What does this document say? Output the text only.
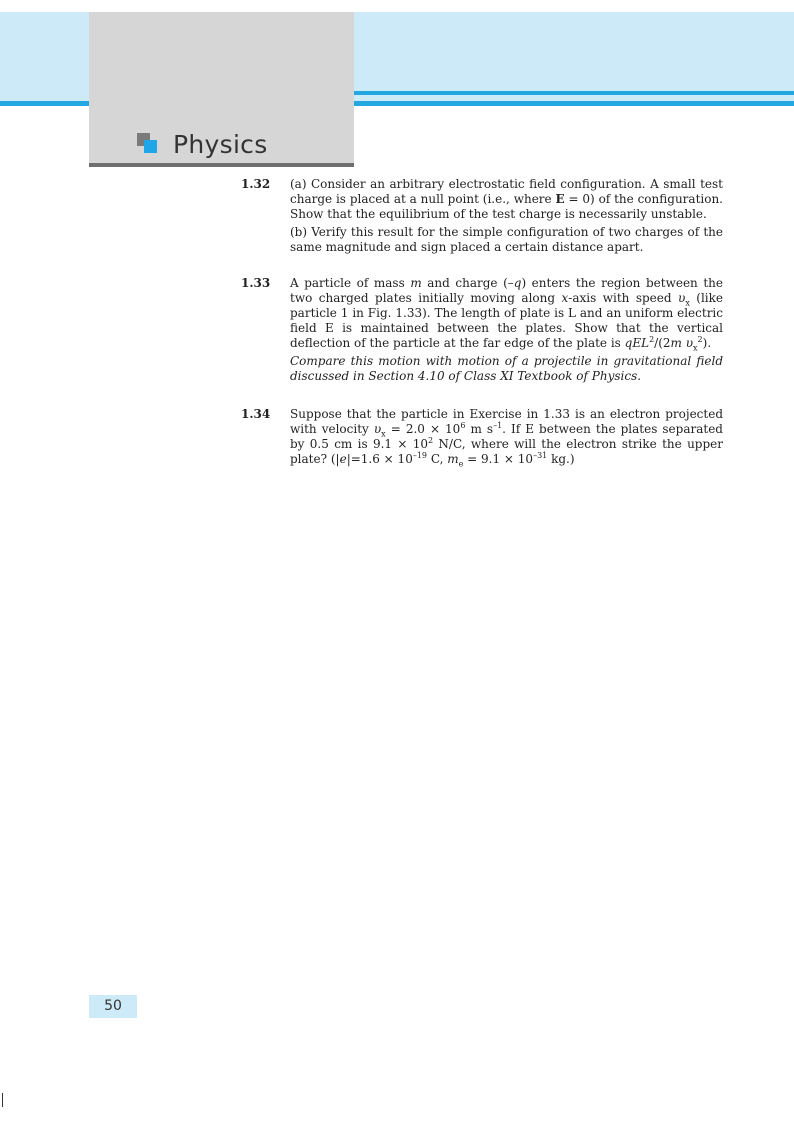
Physics
1.32 (a) Consider an arbitrary electrostatic field configuration. A small test charge is placed at a null point (i.e., where E = 0) of the configuration. Show that the equilibrium of the test charge is necessarily unstable.

(b) Verify this result for the simple configuration of two charges of the same magnitude and sign placed a certain distance apart.

1.33 A particle of mass m and charge (–q) enters the region between the two charged plates initially moving along x-axis with speed $\upsilon_x$ (like particle 1 in Fig. 1.33). The length of plate is L and an uniform electric field E is maintained between the plates. Show that the vertical deflection of the particle at the far edge of the plate is qEL$^2$/(2m $\upsilon_x^2$).

Compare this motion with motion of a projectile in gravitational field discussed in Section 4.10 of Class XI Textbook of Physics.

1.34 Suppose that the particle in Exercise in 1.33 is an electron projected with velocity $\upsilon_x = 2.0 \times 10^6$ m $s^{-1}$. If E between the plates separated by 0.5 cm is $9.1 \times 10^2$ N/C, where will the electron strike the upper plate? ($|e|=1.6 \times 10^{-19}$ C, $m_e = 9.1 \times 10^{-31}$ kg.)

50
